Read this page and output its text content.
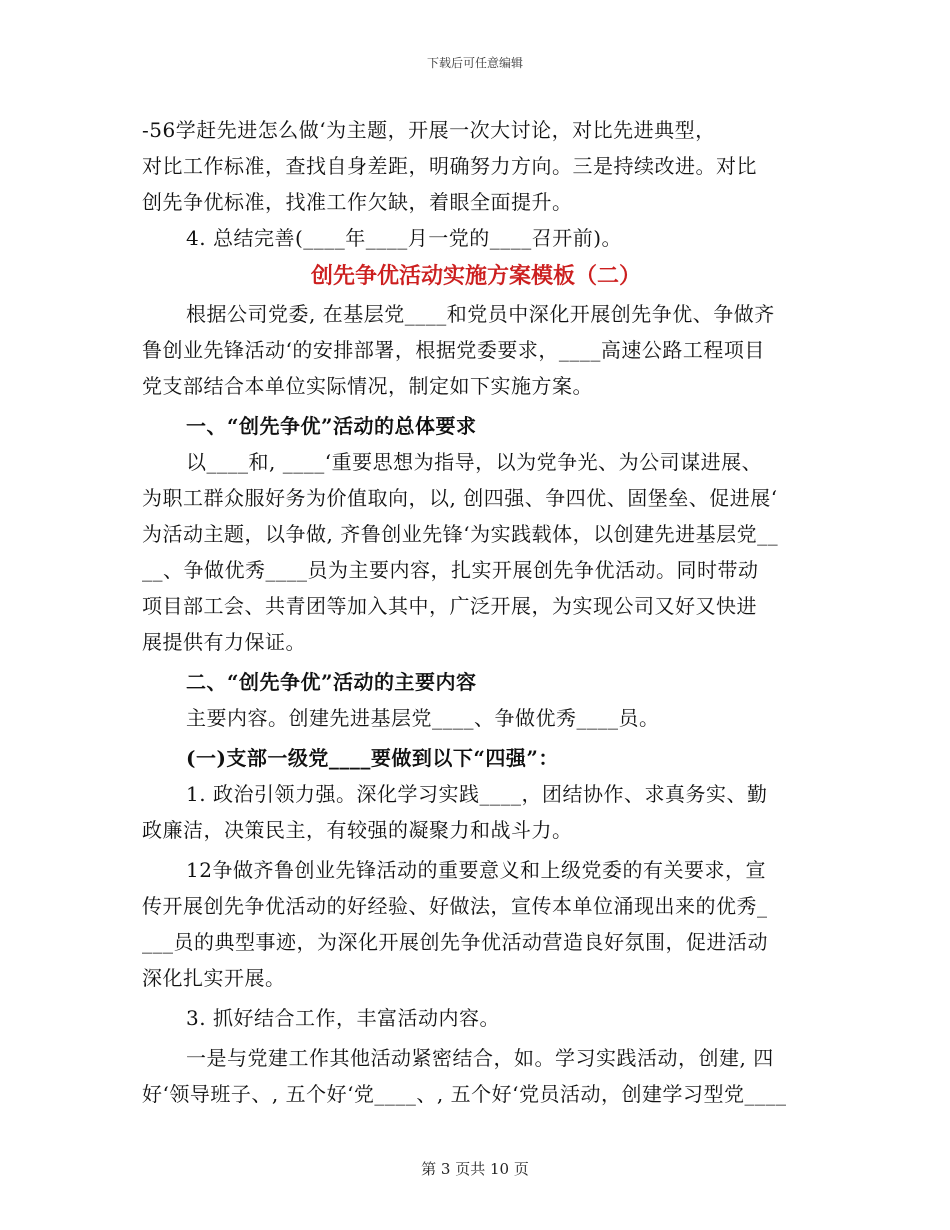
下载后可任意编辑
-56学赶先进怎么做ʻ为主题，开展一次大讨论，对比先进典型，
对比工作标准，查找自身差距，明确努力方向。三是持续改进。对比
创先争优标准，找准工作欠缺，着眼全面提升。
4. 总结完善(____年____月一党的____召开前)。
创先争优活动实施方案模板（二）
根据公司党委, 在基层党____和党员中深化开展创先争优、争做齐
鲁创业先锋活动ʻ的安排部署，根据党委要求，____高速公路工程项目
党支部结合本单位实际情况，制定如下实施方案。
一、“创先争优”活动的总体要求
以____和, ____ʻ重要思想为指导，以为党争光、为公司谋进展、
为职工群众服好务为价值取向，以, 创四强、争四优、固堡垒、促进展ʻ
为活动主题，以争做, 齐鲁创业先锋ʻ为实践载体，以创建先进基层党__
__、争做优秀____员为主要内容，扎实开展创先争优活动。同时带动
项目部工会、共青团等加入其中，广泛开展，为实现公司又好又快进
展提供有力保证。
二、“创先争优”活动的主要内容
主要内容。创建先进基层党____、争做优秀____员。
(一)支部一级党____要做到以下“四强”：
1. 政治引领力强。深化学习实践____，团结协作、求真务实、勤
政廉洁，决策民主，有较强的凝聚力和战斗力。
12争做齐鲁创业先锋活动的重要意义和上级党委的有关要求，宣
传开展创先争优活动的好经验、好做法，宣传本单位涌现出来的优秀_
___员的典型事迹，为深化开展创先争优活动营造良好氛围，促进活动
深化扎实开展。
3. 抓好结合工作，丰富活动内容。
一是与党建工作其他活动紧密结合，如。学习实践活动，创建, 四
好ʻ领导班子、, 五个好ʻ党____、, 五个好ʻ党员活动，创建学习型党____
第 3 页共 10 页
